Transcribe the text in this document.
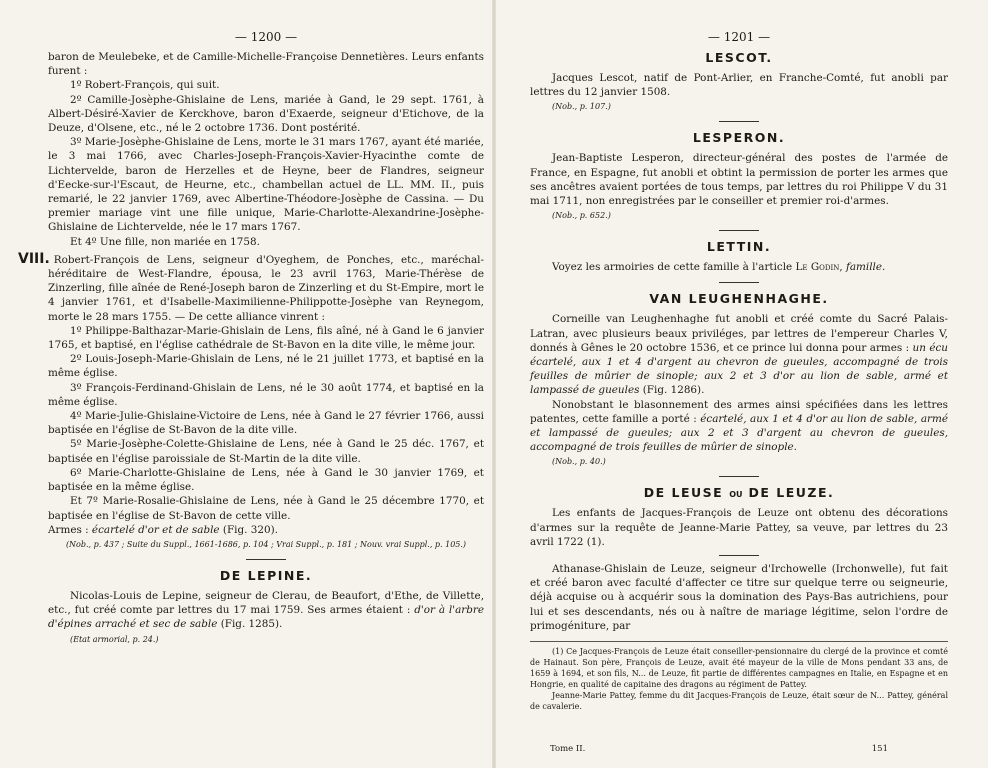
— 1200 —

baron de Meulebeke, et de Camille-Michelle-Françoise Dennetières. Leurs enfants furent :

1º Robert-François, qui suit.

2º Camille-Josèphe-Ghislaine de Lens, mariée à Gand, le 29 sept. 1761, à Albert-Désiré-Xavier de Kerckhove, baron d'Exaerde, seigneur d'Etichove, de la Deuze, d'Olsene, etc., né le 2 octobre 1736. Dont postérité.

3º Marie-Josèphe-Ghislaine de Lens, morte le 31 mars 1767, ayant été mariée, le 3 mai 1766, avec Charles-Joseph-François-Xavier-Hyacinthe comte de Lichtervelde, baron de Herzelles et de Heyne, beer de Flandres, seigneur d'Eecke-sur-l'Escaut, de Heurne, etc., chambellan actuel de LL. MM. II., puis remarié, le 22 janvier 1769, avec Albertine-Théodore-Josèphe de Cassina. — Du premier mariage vint une fille unique, Marie-Charlotte-Alexandrine-Josèphe-Ghislaine de Lichtervelde, née le 17 mars 1767.

Et 4º Une fille, non mariée en 1758.

VIII. Robert-François de Lens, seigneur d'Oyeghem, de Ponches, etc., maréchal-héréditaire de West-Flandre, épousa, le 23 avril 1763, Marie-Thérèse de Zinzerling, fille aînée de René-Joseph baron de Zinzerling et du St-Empire, mort le 4 janvier 1761, et d'Isabelle-Maximilienne-Philippotte-Josèphe van Reynegom, morte le 28 mars 1755. — De cette alliance vinrent :

1º Philippe-Balthazar-Marie-Ghislain de Lens, fils aîné, né à Gand le 6 janvier 1765, et baptisé, en l'église cathédrale de St-Bavon en la dite ville, le même jour.

2º Louis-Joseph-Marie-Ghislain de Lens, né le 21 juillet 1773, et baptisé en la même église.

3º François-Ferdinand-Ghislain de Lens, né le 30 août 1774, et baptisé en la même église.

4º Marie-Julie-Ghislaine-Victoire de Lens, née à Gand le 27 février 1766, aussi baptisée en l'église de St-Bavon de la dite ville.

5º Marie-Josèphe-Colette-Ghislaine de Lens, née à Gand le 25 déc. 1767, et baptisée en l'église paroissiale de St-Martin de la dite ville.

6º Marie-Charlotte-Ghislaine de Lens, née à Gand le 30 janvier 1769, et baptisée en la même église.

Et 7º Marie-Rosalie-Ghislaine de Lens, née à Gand le 25 décembre 1770, et baptisée en l'église de St-Bavon de cette ville.

Armes : écartelé d'or et de sable (Fig. 320).

(Nob., p. 437 ; Suite du Suppl., 1661-1686, p. 104 ; Vrai Suppl., p. 181 ; Nouv. vrai Suppl., p. 105.)

DE LEPINE.

Nicolas-Louis de Lepine, seigneur de Clerau, de Beaufort, d'Ethe, de Villette, etc., fut créé comte par lettres du 17 mai 1759. Ses armes étaient : d'or à l'arbre d'épines arraché et sec de sable (Fig. 1285).

(Etat armorial, p. 24.)

— 1201 —
LESCOT.

Jacques Lescot, natif de Pont-Arlier, en Franche-Comté, fut anobli par lettres du 12 janvier 1508.

(Nob., p. 107.)

LESPERON.

Jean-Baptiste Lesperon, directeur-général des postes de l'armée de France, en Espagne, fut anobli et obtint la permission de porter les armes que ses ancêtres avaient portées de tous temps, par lettres du roi Philippe V du 31 mai 1711, non enregistrées par le conseiller et premier roi-d'armes.

(Nob., p. 652.)

LETTIN.

Voyez les armoiries de cette famille à l'article Le Godin, famille.

VAN LEUGHENHAGHE.

Corneille van Leughenhaghe fut anobli et créé comte du Sacré Palais-Latran, avec plusieurs beaux priviléges, par lettres de l'empereur Charles V, donnés à Gênes le 20 octobre 1536, et ce prince lui donna pour armes : un écu écartelé, aux 1 et 4 d'argent au chevron de gueules, accompagné de trois feuilles de mûrier de sinople; aux 2 et 3 d'or au lion de sable, armé et lampassé de gueules (Fig. 1286).

Nonobstant le blasonnement des armes ainsi spécifiées dans les lettres patentes, cette famille a porté : écartelé, aux 1 et 4 d'or au lion de sable, armé et lampassé de gueules; aux 2 et 3 d'argent au chevron de gueules, accompagné de trois feuilles de mûrier de sinople.

(Nob., p. 40.)

DE LEUSE OU DE LEUZE.

Les enfants de Jacques-François de Leuze ont obtenu des décorations d'armes sur la requête de Jeanne-Marie Pattey, sa veuve, par lettres du 23 avril 1722 (1).

Athanase-Ghislain de Leuze, seigneur d'Irchowelle (Irchonwelle), fut fait et créé baron avec faculté d'affecter ce titre sur quelque terre ou seigneurie, déjà acquise ou à acquérir sous la domination des Pays-Bas autrichiens, pour lui et ses descendants, nés ou à naître de mariage légitime, selon l'ordre de primogéniture, par

(1) Ce Jacques-François de Leuze était conseiller-pensionnaire du clergé de la province et comté de Hainaut. Son père, François de Leuze, avait été mayeur de la ville de Mons pendant 33 ans, de 1659 à 1694, et son fils, N... de Leuze, fit partie de différentes campagnes en Italie, en Espagne et en Hongrie, en qualité de capitaine des dragons au régiment de Pattey.

Jeanne-Marie Pattey, femme du dit Jacques-François de Leuze, était sœur de N... Pattey, général de cavalerie.

Tome II.	151
